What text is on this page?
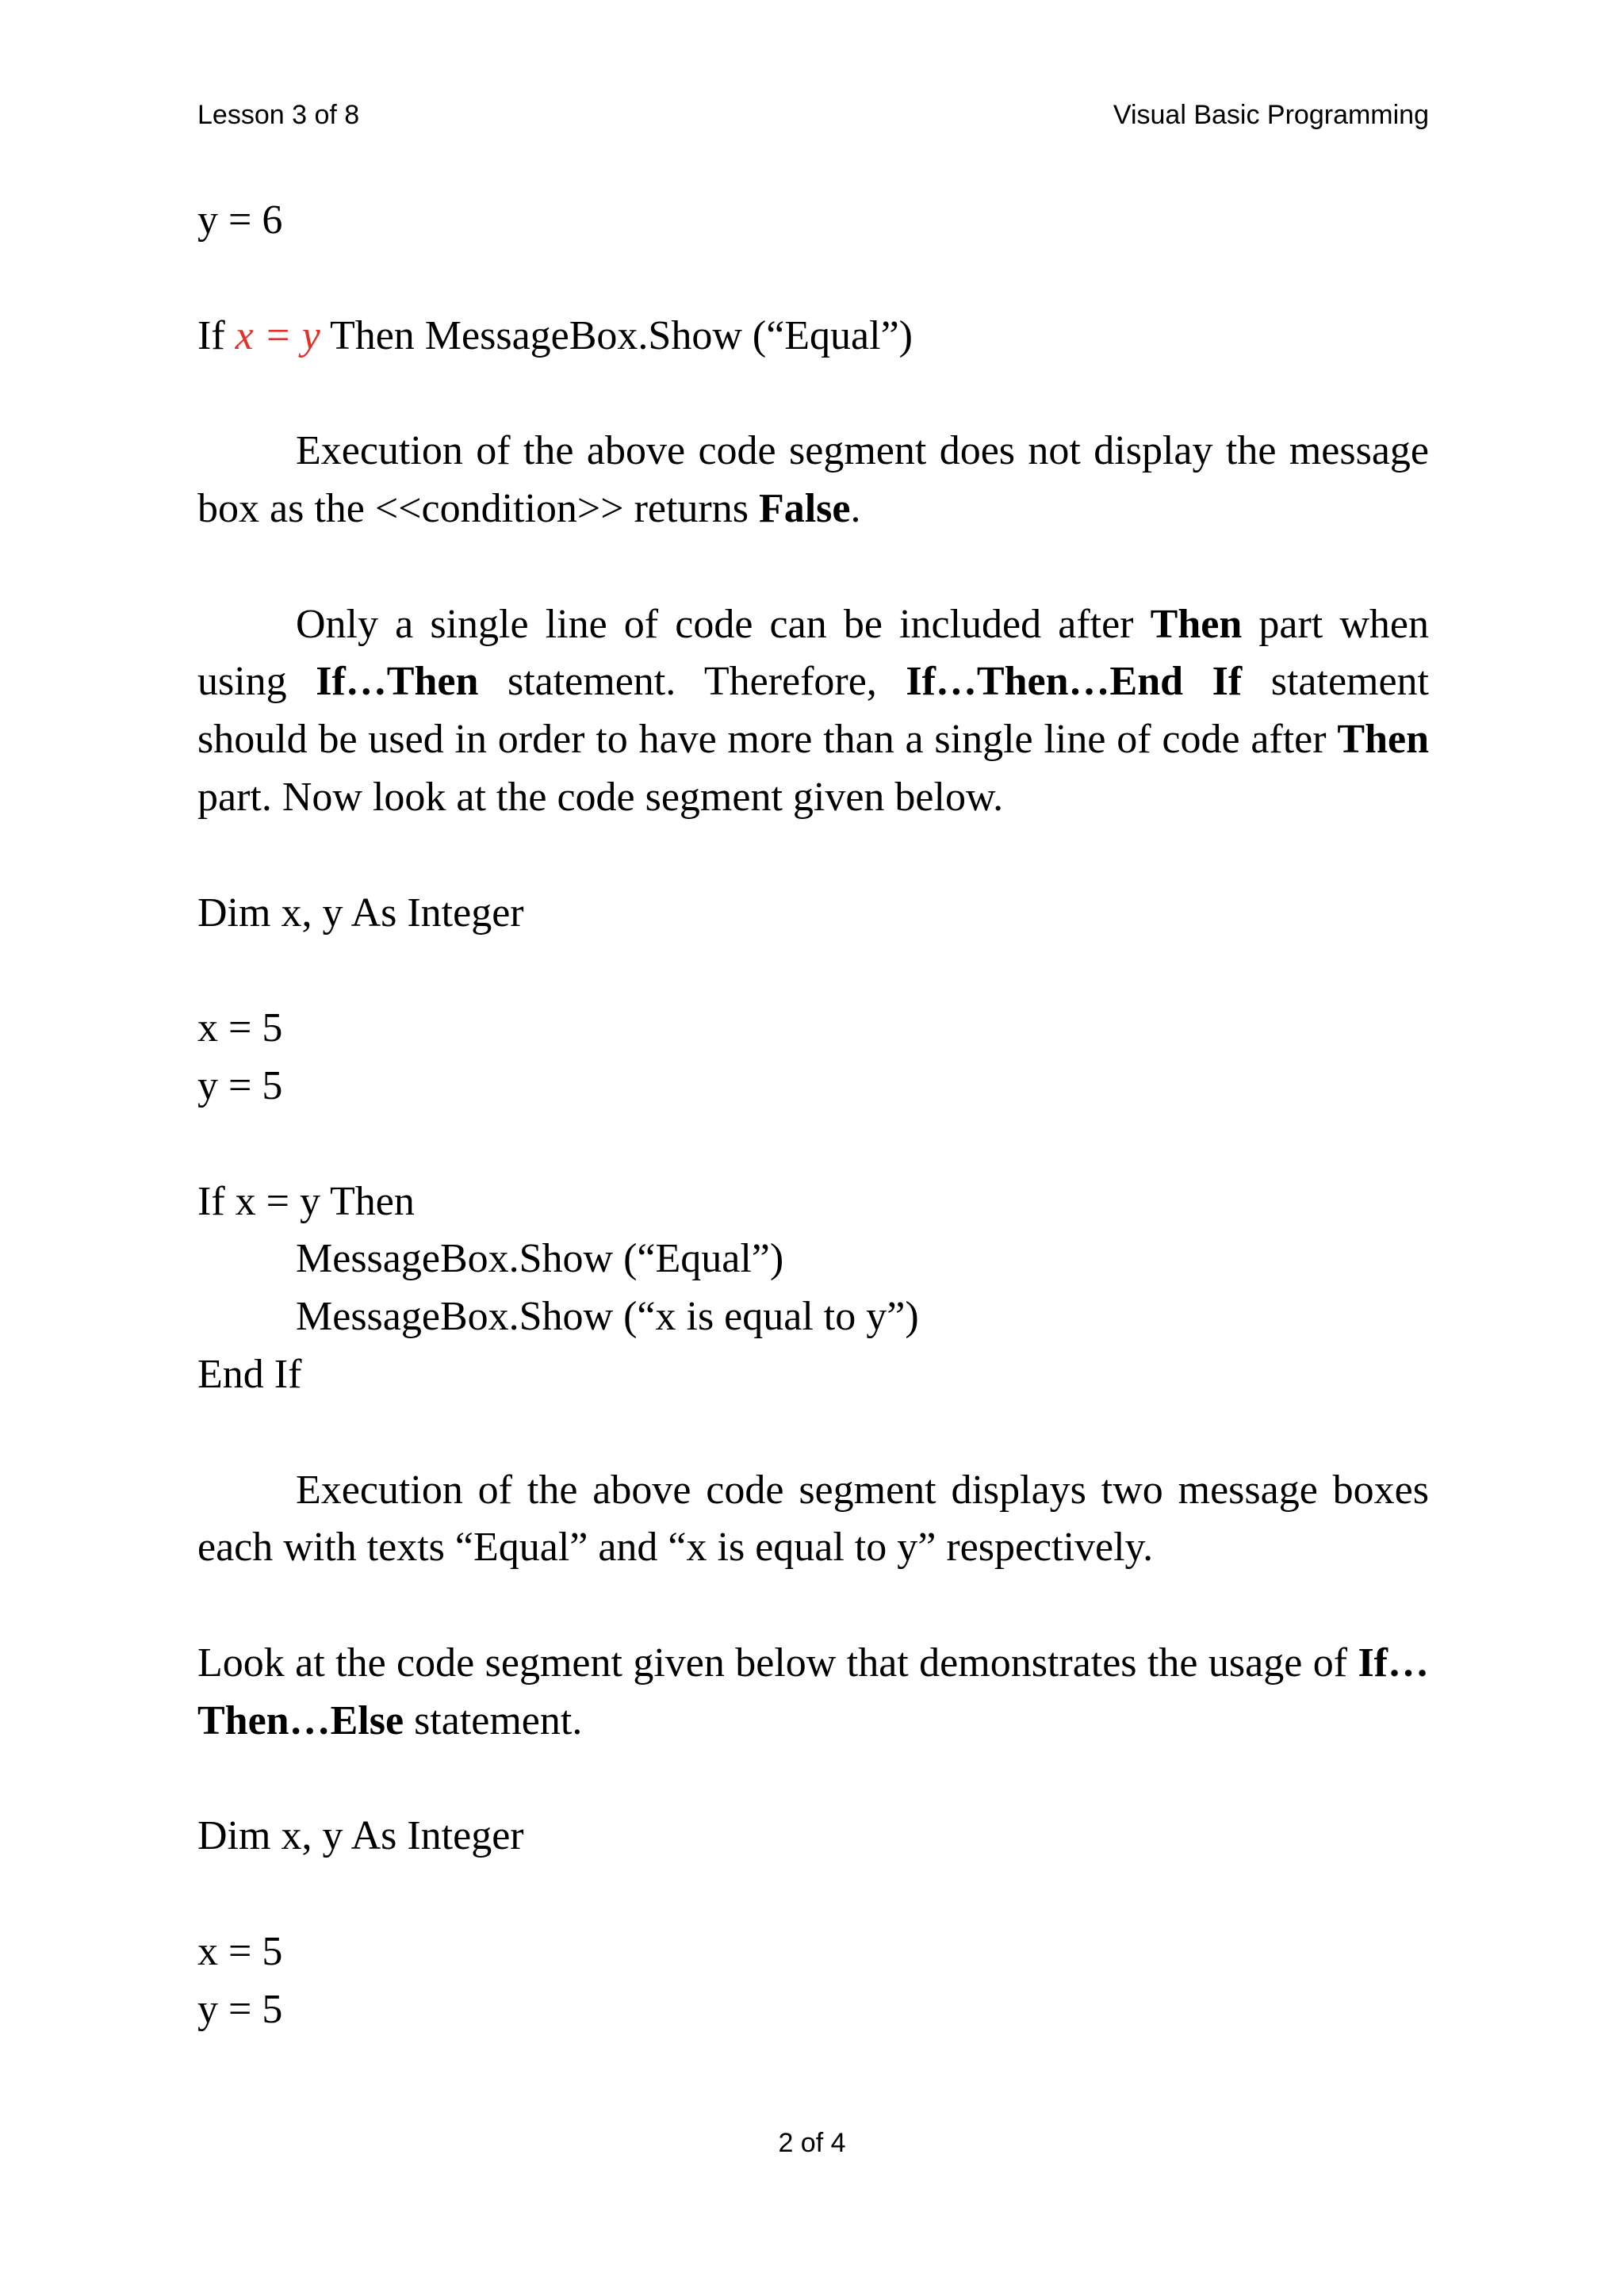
Lesson 3 of 8	Visual Basic Programming
y = 6
If x = y Then MessageBox.Show (“Equal”)
Execution of the above code segment does not display the message box as the <<condition>> returns False.
Only a single line of code can be included after Then part when using If…Then statement. Therefore, If…Then…End If statement should be used in order to have more than a single line of code after Then part. Now look at the code segment given below.
Dim x, y As Integer
x = 5
y = 5
If x = y Then
MessageBox.Show (“Equal”)
MessageBox.Show (“x is equal to y”)
End If
Execution of the above code segment displays two message boxes each with texts “Equal” and “x is equal to y” respectively.
Look at the code segment given below that demonstrates the usage of If…Then…Else statement.
Dim x, y As Integer
x = 5
y = 5
2 of 4
